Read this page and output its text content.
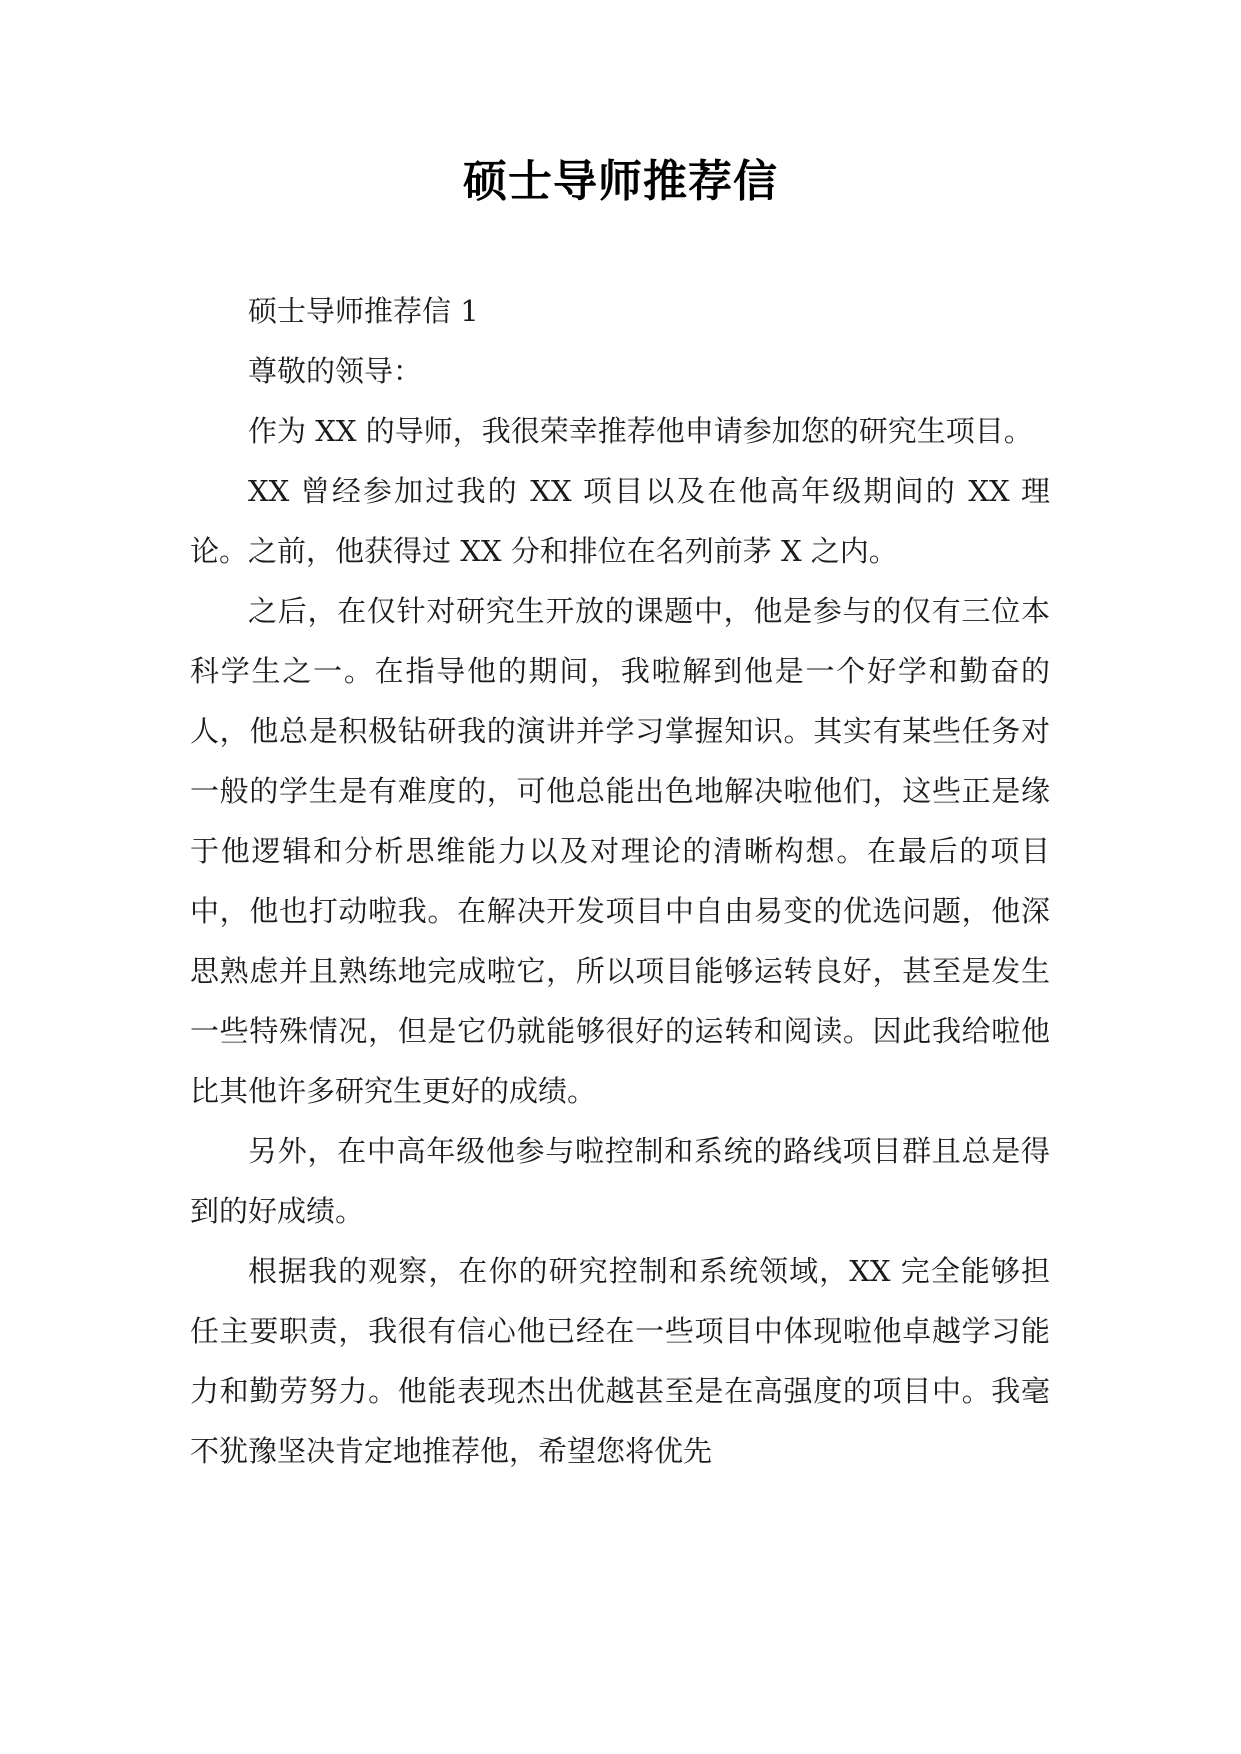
硕士导师推荐信

硕士导师推荐信 1

尊敬的领导：

作为 XX 的导师，我很荣幸推荐他申请参加您的研究生项目。

XX 曾经参加过我的 XX 项目以及在他高年级期间的 XX 理论。之前，他获得过 XX 分和排位在名列前茅 X 之内。

之后，在仅针对研究生开放的课题中，他是参与的仅有三位本科学生之一。在指导他的期间，我啦解到他是一个好学和勤奋的人，他总是积极钻研我的演讲并学习掌握知识。其实有某些任务对一般的学生是有难度的，可他总能出色地解决啦他们，这些正是缘于他逻辑和分析思维能力以及对理论的清晰构想。在最后的项目中，他也打动啦我。在解决开发项目中自由易变的优选问题，他深思熟虑并且熟练地完成啦它，所以项目能够运转良好，甚至是发生一些特殊情况，但是它仍就能够很好的运转和阅读。因此我给啦他比其他许多研究生更好的成绩。

另外，在中高年级他参与啦控制和系统的路线项目群且总是得到的好成绩。

根据我的观察，在你的研究控制和系统领域，XX 完全能够担任主要职责，我很有信心他已经在一些项目中体现啦他卓越学习能力和勤劳努力。他能表现杰出优越甚至是在高强度的项目中。我毫不犹豫坚决肯定地推荐他，希望您将优先
